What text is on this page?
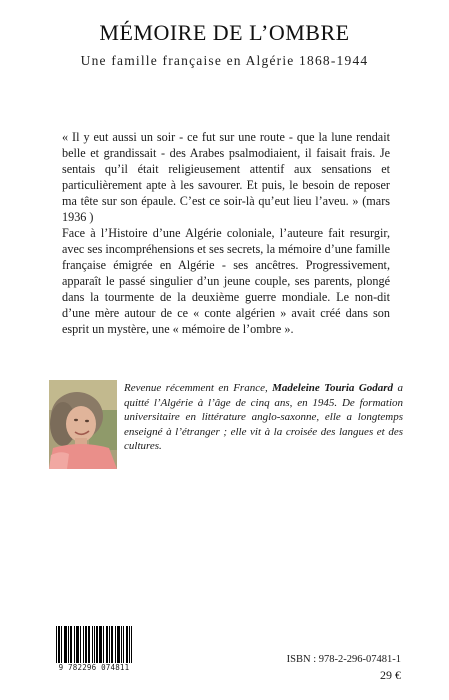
MÉMOIRE DE L’OMBRE
Une famille française en Algérie 1868-1944

« Il y eut aussi un soir - ce fut sur une route - que la lune rendait belle et grandissait - des Arabes psalmodiaient, il faisait frais. Je sentais qu’il était religieusement attentif aux sensations et particulièrement apte à les savourer. Et puis, le besoin de reposer ma tête sur son épaule. C’est ce soir-là qu’eut lieu l’aveu. » (mars 1936 )

Face à l’Histoire d’une Algérie coloniale, l’auteure fait resurgir, avec ses incompréhensions et ses secrets, la mémoire d’une famille française émigrée en Algérie - ses ancêtres. Progressivement, apparaît le passé singulier d’un jeune couple, ses parents, plongé dans la tourmente de la deuxième guerre mondiale. Le non-dit d’une mère autour de ce « conte algérien » avait créé dans son esprit un mystère, une « mémoire de l’ombre ».

Revenue récemment en France, Madeleine Touria Godard a quitté l’Algérie à l’âge de cinq ans, en 1945. De formation universitaire en littérature anglo-saxonne, elle a longtemps enseigné à l’étranger ; elle vit à la croisée des langues et des cultures.

9 782296 074811
ISBN : 978-2-296-07481-1
29 €
